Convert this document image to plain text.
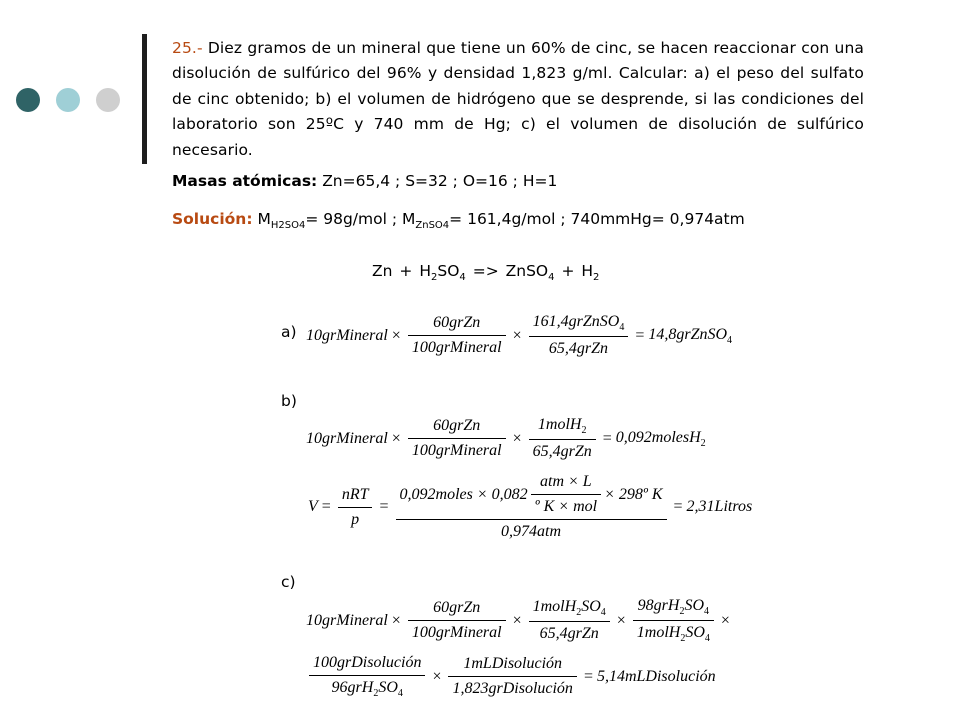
25.- Diez gramos de un mineral que tiene un 60% de cinc, se hacen reaccionar con una disolución de sulfúrico del 96% y densidad 1,823 g/ml. Calcular: a) el peso del sulfato de cinc obtenido; b) el volumen de hidrógeno que se desprende, si las condiciones del laboratorio son 25ºC y 740 mm de Hg; c) el volumen de disolución de sulfúrico necesario.
Masas atómicas: Zn=65,4 ; S=32 ; O=16 ; H=1
Solución: $M_{H2SO4}= 98g/mol$ ; $M_{ZnSO4}= 161,4g/mol$ ; 740mmHg= 0,974atm
$Zn + H_2SO_4$ => ZnSO$_4$ + $H_2$
a)
b)
c)
10grMineral × $\frac{\text{60grZn}}{\text{100grMineral}} \times \frac{161,4grZnSO_4}{\text{65,4grZn}}$ = 14,8grZnSO$_4$
10grMineral × $\frac{\text{60grZn}}{\text{100grMineral}} \times \frac{1molH_2}{\text{65,4grZn}}$ = 0,092molesH$_2$
$V = \frac{\text{nRT}}{p} = \frac{0,092moles \times 0,082 \frac{\text{atm × L}}{\text{º K × mol}} \times 298º K}{\text{0,974atm}}$ = 2,31Litros
10grMineral × $\frac{\text{60grZn}}{\text{100grMineral}} \times \frac{1molH_2SO_4}{\text{65,4grZn}} \times \frac{98grH_2SO_4}{1molH_2SO_4}$ ×
$\frac{\text{100grDisolución}}{96grH_2SO_4} \times \frac{\text{1mLDisolución}}{\text{1,823grDisolución}}$ = 5,14mLDisolución
